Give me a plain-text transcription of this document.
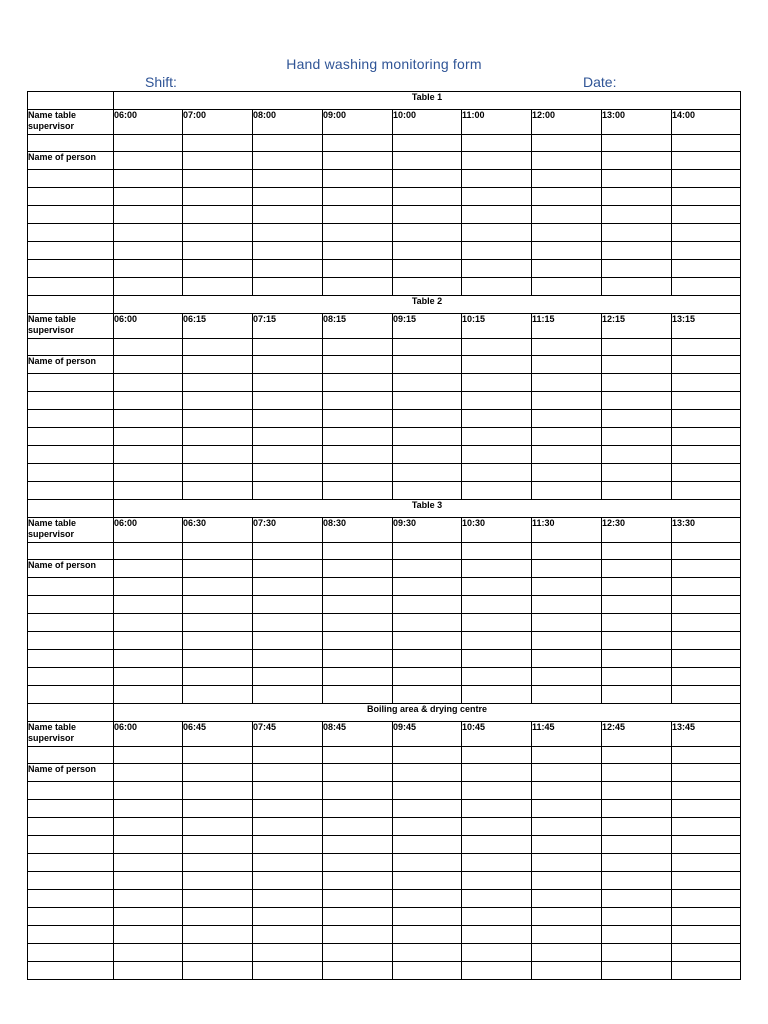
Hand washing monitoring form
Shift:	Date:
	Table 1								
Name table supervisor	06:00	07:00	08:00	09:00	10:00	11:00	12:00	13:00	14:00

Name of person									

	Table 2								
Name table supervisor	06:00	06:15	07:15	08:15	09:15	10:15	11:15	12:15	13:15

Name of person									

	Table 3								
Name table supervisor	06:00	06:30	07:30	08:30	09:30	10:30	11:30	12:30	13:30

Name of person									

	Boiling area & drying centre								
Name table supervisor	06:00	06:45	07:45	08:45	09:45	10:45	11:45	12:45	13:45

Name of person									
